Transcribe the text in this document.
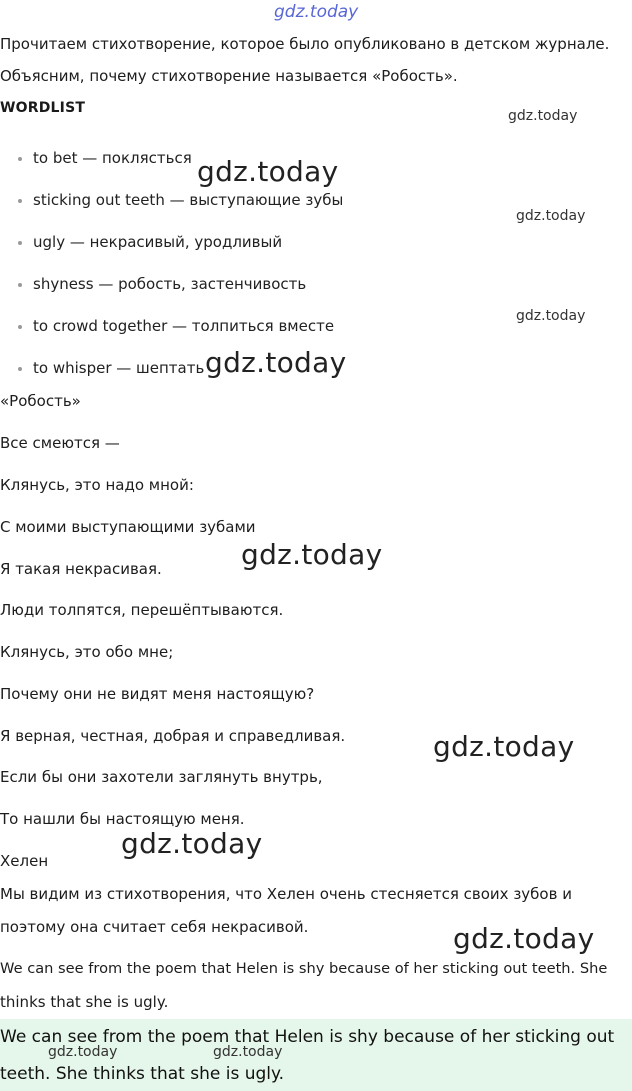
gdz.today
Прочитаем стихотворение, которое было опубликовано в детском журнале.
Объясним, почему стихотворение называется «Робость».
WORDLIST
to bet — поклясться
sticking out teeth — выступающие зубы
ugly — некрасивый, уродливый
shyness — робость, застенчивость
to crowd together — толпиться вместе
to whisper — шептать
«Робость»
Все смеются —
Клянусь, это надо мной:
С моими выступающими зубами
Я такая некрасивая.
Люди толпятся, перешёптываются.
Клянусь, это обо мне;
Почему они не видят меня настоящую?
Я верная, честная, добрая и справедливая.
Если бы они захотели заглянуть внутрь,
То нашли бы настоящую меня.
Хелен
Мы видим из стихотворения, что Хелен очень стесняется своих зубов и
поэтому она считает себя некрасивой.
We can see from the poem that Helen is shy because of her sticking out teeth. She
thinks that she is ugly.
We can see from the poem that Helen is shy because of her sticking out
teeth. She thinks that she is ugly.
gdz.today
gdz.today
gdz.today
gdz.today
gdz.today
gdz.today
gdz.today
gdz.today
gdz.today
gdz.today	gdz.today
